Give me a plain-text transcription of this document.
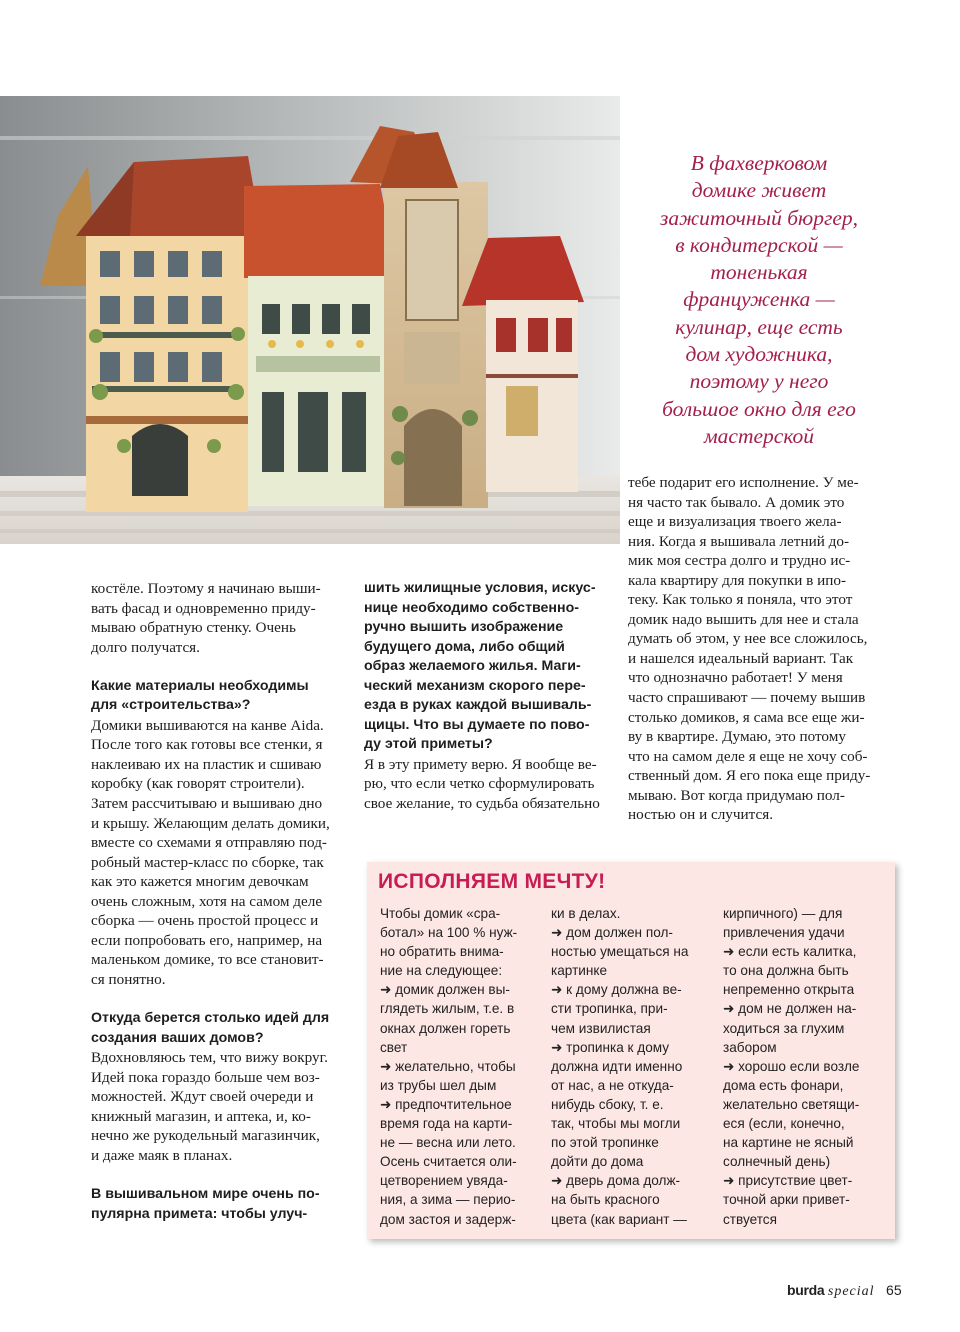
В фахверковом
домике живет
зажиточный бюргер,
в кондитерской —
тоненькая
француженка —
кулинар, еще есть
дом художника,
поэтому у него
большое окно для его
мастерской
костёле. Поэтому я начинаю выши-
вать фасад и одновременно приду-
мываю обратную стенку. Очень
долго получатся.
Какие материалы необходимы
для «строительства»?
Домики вышиваются на канве Aida.
После того как готовы все стенки, я
наклеиваю их на пластик и сшиваю
коробку (как говорят строители).
Затем рассчитываю и вышиваю дно
и крышу. Желающим делать домики,
вместе со схемами я отправляю под-
робный мастер-класс по сборке, так
как это кажется многим девочкам
очень сложным, хотя на самом деле
сборка — очень простой процесс и
если попробовать его, например, на
маленьком домике, то все становит-
ся понятно.
Откуда берется столько идей для
создания ваших домов?
Вдохновляюсь тем, что вижу вокруг.
Идей пока гораздо больше чем воз-
можностей. Ждут своей очереди и
книжный магазин, и аптека, и, ко-
нечно же рукодельный магазинчик,
и даже маяк в планах.
В вышивальном мире очень по-
пулярна примета: чтобы улуч-
шить жилищные условия, искус-
нице необходимо собственно-
ручно вышить изображение
будущего дома, либо общий
образ желаемого жилья. Маги-
ческий механизм скорого пере-
езда в руках каждой вышиваль-
щицы. Что вы думаете по пово-
ду этой приметы?
Я в эту примету верю. Я вообще ве-
рю, что если четко сформулировать
свое желание, то судьба обязательно
тебе подарит его исполнение. У ме-
ня часто так бывало. А домик это
еще и визуализация твоего жела-
ния. Когда я вышивала летний до-
мик моя сестра долго и трудно ис-
кала квартиру для покупки в ипо-
теку. Как только я поняла, что этот
домик надо вышить для нее и стала
думать об этом, у нее все сложилось,
и нашелся идеальный вариант. Так
что однозначно работает! У меня
часто спрашивают — почему вышив
столько домиков, я сама все еще жи-
ву в квартире. Думаю, это потому
что на самом деле я еще не хочу соб-
ственный дом. Я его пока еще приду-
мываю. Вот когда придумаю пол-
ностью он и случится.
ИСПОЛНЯЕМ МЕЧТУ!
Чтобы домик «сра-
ботал» на 100 % нуж-
но обратить внима-
ние на следующее:
➜ домик должен вы-
глядеть жилым, т.е. в
окнах должен гореть
свет
➜ желательно, чтобы
из трубы шел дым
➜ предпочтительное
время года на карти-
не — весна или лето.
Осень считается оли-
цетворением увяда-
ния, а зима — перио-
дом застоя и задерж-
ки в делах.
➜ дом должен пол-
ностью умещаться на
картинке
➜ к дому должна ве-
сти тропинка, при-
чем извилистая
➜ тропинка к дому
должна идти именно
от нас, а не откуда-
нибудь сбоку, т. е.
так, чтобы мы могли
по этой тропинке
дойти до дома
➜ дверь дома долж-
на быть красного
цвета (как вариант —
кирпичного) — для
привлечения удачи
➜ если есть калитка,
то она должна быть
непременно открыта
➜ дом не должен на-
ходиться за глухим
забором
➜ хорошо если возле
дома есть фонари,
желательно светящи-
еся (если, конечно,
на картине не ясный
солнечный день)
➜ присутствие цвет-
точной арки привет-
ствуется
burda special 65
